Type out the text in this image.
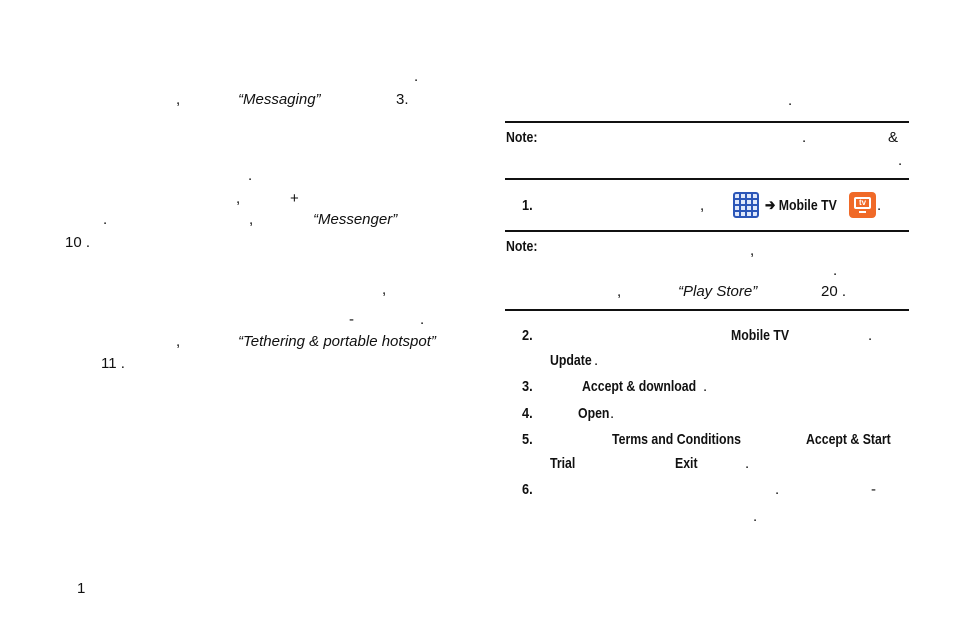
.
,	“Messaging”	3.
.
,	+
.	,	“Messenger”
10 .
,
-	.
,	“Tethering & portable hotspot”
11 .
1
.
Note:	.	&
.
1.	,	➔ Mobile TV	tv .
Note:	,
.
,	“Play Store”	20 .
2.	Mobile TV	.
Update .
3.	Accept & download .
4.	Open .
5.	Terms and Conditions	Accept & Start
Trial	Exit	.
6.	.	-
.
